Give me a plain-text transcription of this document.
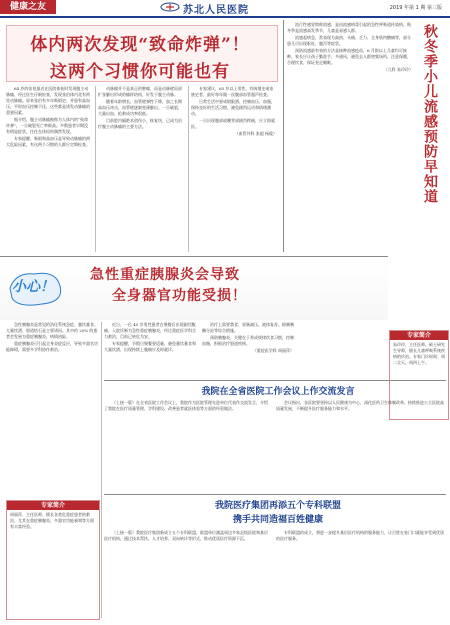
健康之友	苏北人民医院	2019 年第 1 期 第三版
体内两次发现“致命炸弹”！
这两个习惯你可能也有

64 岁的张伯最近在医院体检时发现腹主动脉瘤，经过医生仔细检查，发现张伯体内竟有两处动脉瘤。原来张伯有多年吸烟史，并患有高血压，平时血压控制不佳，这些都是诱发动脉瘤的重要因素。

据介绍，腹主动脉瘤被称为人体内的“致命炸弹”，一旦破裂死亡率极高。多数患者早期没有明显症状，往往在体检时偶然发现。

专家提醒，吸烟和高血压是导致动脉瘤的两大危险因素，有这两个习惯的人群应定期检查。

动脉瘤并不是真正的肿瘤，而是动脉壁局部扩张膨出形成的瘤样结构，好发于腹主动脉。

随着年龄增长、血管壁弹性下降，加之长期高血压冲击，血管壁逐渐变薄膨出。一旦破裂，大量出血，抢救成功率很低。

目前腔内隔绝术创伤小、恢复快，已成为治疗腹主动脉瘤的主要方法。

专家建议，65 岁以上男性、有吸烟史或家族史者，最好每年做一次腹部血管超声检查。

日常生活中要戒烟限酒、控制血压、血脂，保持良好的生活习惯，避免剧烈运动和情绪激动。

一旦出现腹部或腰背部剧烈疼痛，应立即就医。

（血管外科 张超 杨俊）

流行性感冒简称流感，是由流感病毒引起的急性呼吸道传染病。秋冬季是流感高发季节，儿童是易感人群。

流感起病急，常表现为高热、头痛、乏力、全身肌肉酸痛等，部分患儿可出现呕吐、腹泻等症状。

预防流感最有效的方法是接种流感疫苗，6 月龄以上儿童均可接种。家长应让孩子勤洗手、多通风，避免去人群密集场所，注意保暖，合理饮食，保证充足睡眠。

（儿科 朱玲玲） 秋冬季小儿流感预防早知道
专家简介
朱玲玲，主任医师，硕士研究生导师，擅长儿童呼吸系统疾病的诊治。专家门诊时间：周二全天、周四上午。
小心！
急性重症胰腺炎会导致
全身器官功能受损！

急性胰腺炎是常见的消化系统急症，暴饮暴食、大量饮酒、胆道结石是主要诱因。其中约 20% 的患者会发展为重症胰腺炎，病情凶险。

重症胰腺炎可引起全身炎症反应，导致多器官功能障碍，需要多学科协作救治。

近日，一位 45 岁男性患者在聚餐后出现剧烈腹痛，入院诊断为急性重症胰腺炎，经过重症医学科全力救治，目前已转危为安。

专家提醒，节假日聚餐要适量，避免暴饮暴食和大量饮酒，出现持续上腹痛应及时就诊。

治疗上需要禁食、胃肠减压、液体复苏、抑制胰酶分泌等综合措施。

预防胰腺炎，关键在于养成规律饮食习惯，控制血脂，积极治疗胆道疾病。

（重症医学科 周丽萍）

专家简介
周丽萍，主任医师，擅长各类危重症患者的救治，尤其在重症胰腺炎、多器官功能衰竭等方面有丰富经验。
我院在全省医院工作会议上作交流发言

（上接一版）在全省医院工作会议上，我院作为医院管理先进单位代表作交流发言，介绍了我院在医疗质量管理、学科建设、改善患者就医体验等方面的经验做法。

会议指出，各医院要坚持以人民健康为中心，深化医药卫生体制改革，持续推进公立医院高质量发展，不断提升医疗服务能力和水平。

我院医疗集团再添五个专科联盟
携手共同造福百姓健康

（上接一版）我院医疗集团新成立五个专科联盟，联盟单位涵盖周边多家县级医院和基层医疗机构，通过技术帮扶、人才培养、双向转诊等形式，推动优质医疗资源下沉。

专科联盟的成立，将进一步提升基层医疗机构的服务能力，让百姓在家门口就能享受到优质的医疗服务。
